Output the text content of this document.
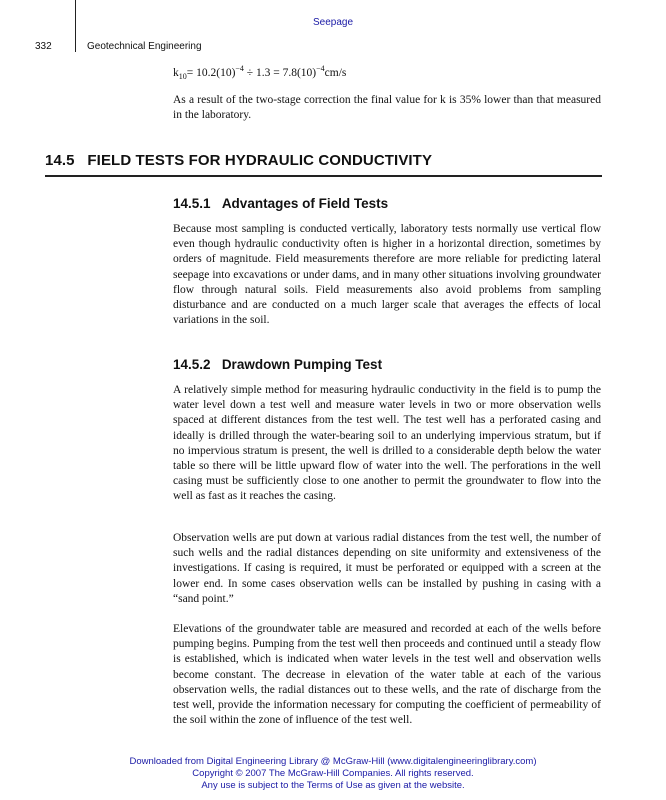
Seepage
332	Geotechnical Engineering
$k_{10}= 10.2(10)^{-4} \div 1.3 = 7.8(10)^{-4}cm/s$
As a result of the two-stage correction the final value for k is 35% lower than that measured in the laboratory.
14.5 FIELD TESTS FOR HYDRAULIC CONDUCTIVITY
14.5.1 Advantages of Field Tests
Because most sampling is conducted vertically, laboratory tests normally use vertical flow even though hydraulic conductivity often is higher in a horizontal direction, sometimes by orders of magnitude. Field measurements therefore are more reliable for predicting lateral seepage into excavations or under dams, and in many other situations involving groundwater flow through natural soils. Field measurements also avoid problems from sampling disturbance and are conducted on a much larger scale that averages the effects of local variations in the soil.
14.5.2 Drawdown Pumping Test
A relatively simple method for measuring hydraulic conductivity in the field is to pump the water level down a test well and measure water levels in two or more observation wells spaced at different distances from the test well. The test well has a perforated casing and ideally is drilled through the water-bearing soil to an underlying impervious stratum, but if no impervious stratum is present, the well is drilled to a considerable depth below the water table so there will be little upward flow of water into the well. The perforations in the well casing must be sufficiently close to one another to permit the groundwater to flow into the well as fast as it reaches the casing.
Observation wells are put down at various radial distances from the test well, the number of such wells and the radial distances depending on site uniformity and extensiveness of the investigations. If casing is required, it must be perforated or equipped with a screen at the lower end. In some cases observation wells can be installed by pushing in casing with a “sand point.”
Elevations of the groundwater table are measured and recorded at each of the wells before pumping begins. Pumping from the test well then proceeds and continued until a steady flow is established, which is indicated when water levels in the test well and observation wells become constant. The decrease in elevation of the water table at each of the various observation wells, the radial distances out to these wells, and the rate of discharge from the test well, provide the information necessary for computing the coefficient of permeability of the soil within the zone of influence of the test well.
Downloaded from Digital Engineering Library @ McGraw-Hill (www.digitalengineeringlibrary.com)
Copyright © 2007 The McGraw-Hill Companies. All rights reserved.
Any use is subject to the Terms of Use as given at the website.
